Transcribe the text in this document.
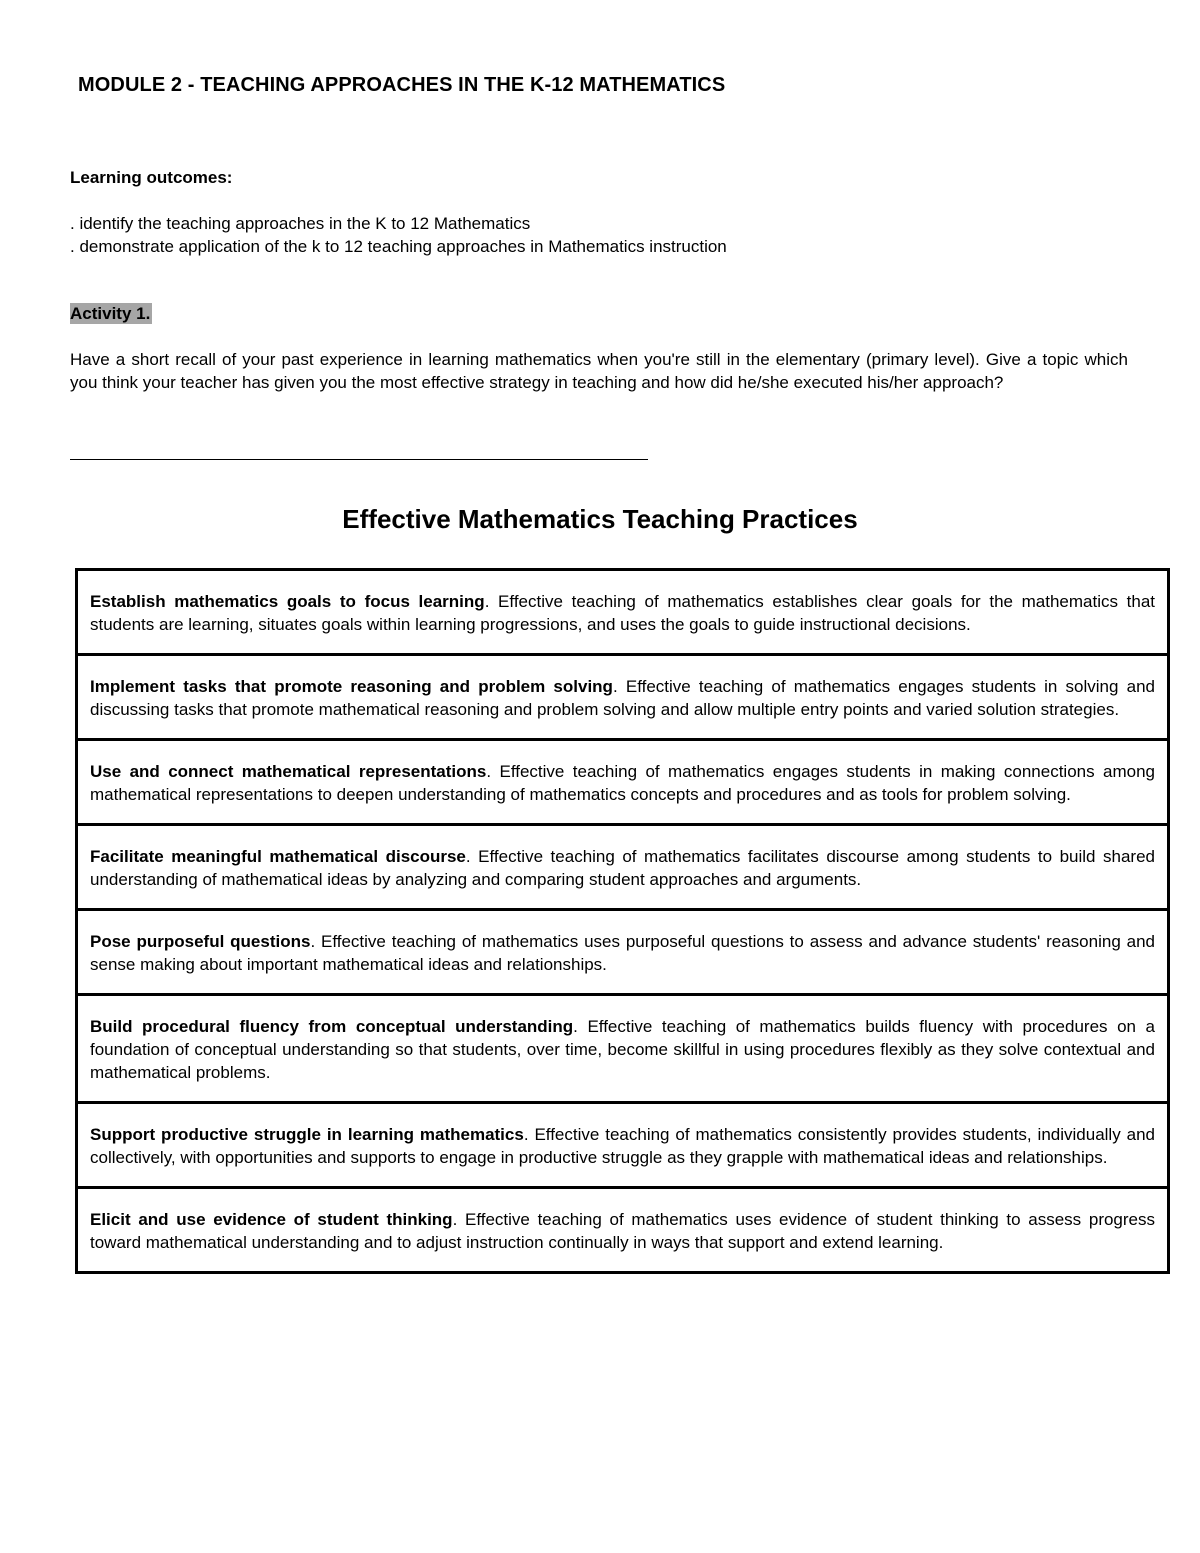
MODULE 2 - TEACHING APPROACHES IN THE K-12 MATHEMATICS
Learning outcomes:
. identify the teaching approaches in the K to 12 Mathematics
. demonstrate application of the k to 12 teaching approaches in Mathematics instruction
Activity 1.
Have a short recall of your past experience in learning mathematics when you're still in the elementary (primary level). Give a topic which you think your teacher has given you the most effective strategy in teaching and how did he/she executed his/her approach?
Effective Mathematics Teaching Practices
Establish mathematics goals to focus learning. Effective teaching of mathematics establishes clear goals for the mathematics that students are learning, situates goals within learning progressions, and uses the goals to guide instructional decisions.
Implement tasks that promote reasoning and problem solving. Effective teaching of mathematics engages students in solving and discussing tasks that promote mathematical reasoning and problem solving and allow multiple entry points and varied solution strategies.
Use and connect mathematical representations. Effective teaching of mathematics engages students in making connections among mathematical representations to deepen understanding of mathematics concepts and procedures and as tools for problem solving.
Facilitate meaningful mathematical discourse. Effective teaching of mathematics facilitates discourse among students to build shared understanding of mathematical ideas by analyzing and comparing student approaches and arguments.
Pose purposeful questions. Effective teaching of mathematics uses purposeful questions to assess and advance students' reasoning and sense making about important mathematical ideas and relationships.
Build procedural fluency from conceptual understanding. Effective teaching of mathematics builds fluency with procedures on a foundation of conceptual understanding so that students, over time, become skillful in using procedures flexibly as they solve contextual and mathematical problems.
Support productive struggle in learning mathematics. Effective teaching of mathematics consistently provides students, individually and collectively, with opportunities and supports to engage in productive struggle as they grapple with mathematical ideas and relationships.
Elicit and use evidence of student thinking. Effective teaching of mathematics uses evidence of student thinking to assess progress toward mathematical understanding and to adjust instruction continually in ways that support and extend learning.
